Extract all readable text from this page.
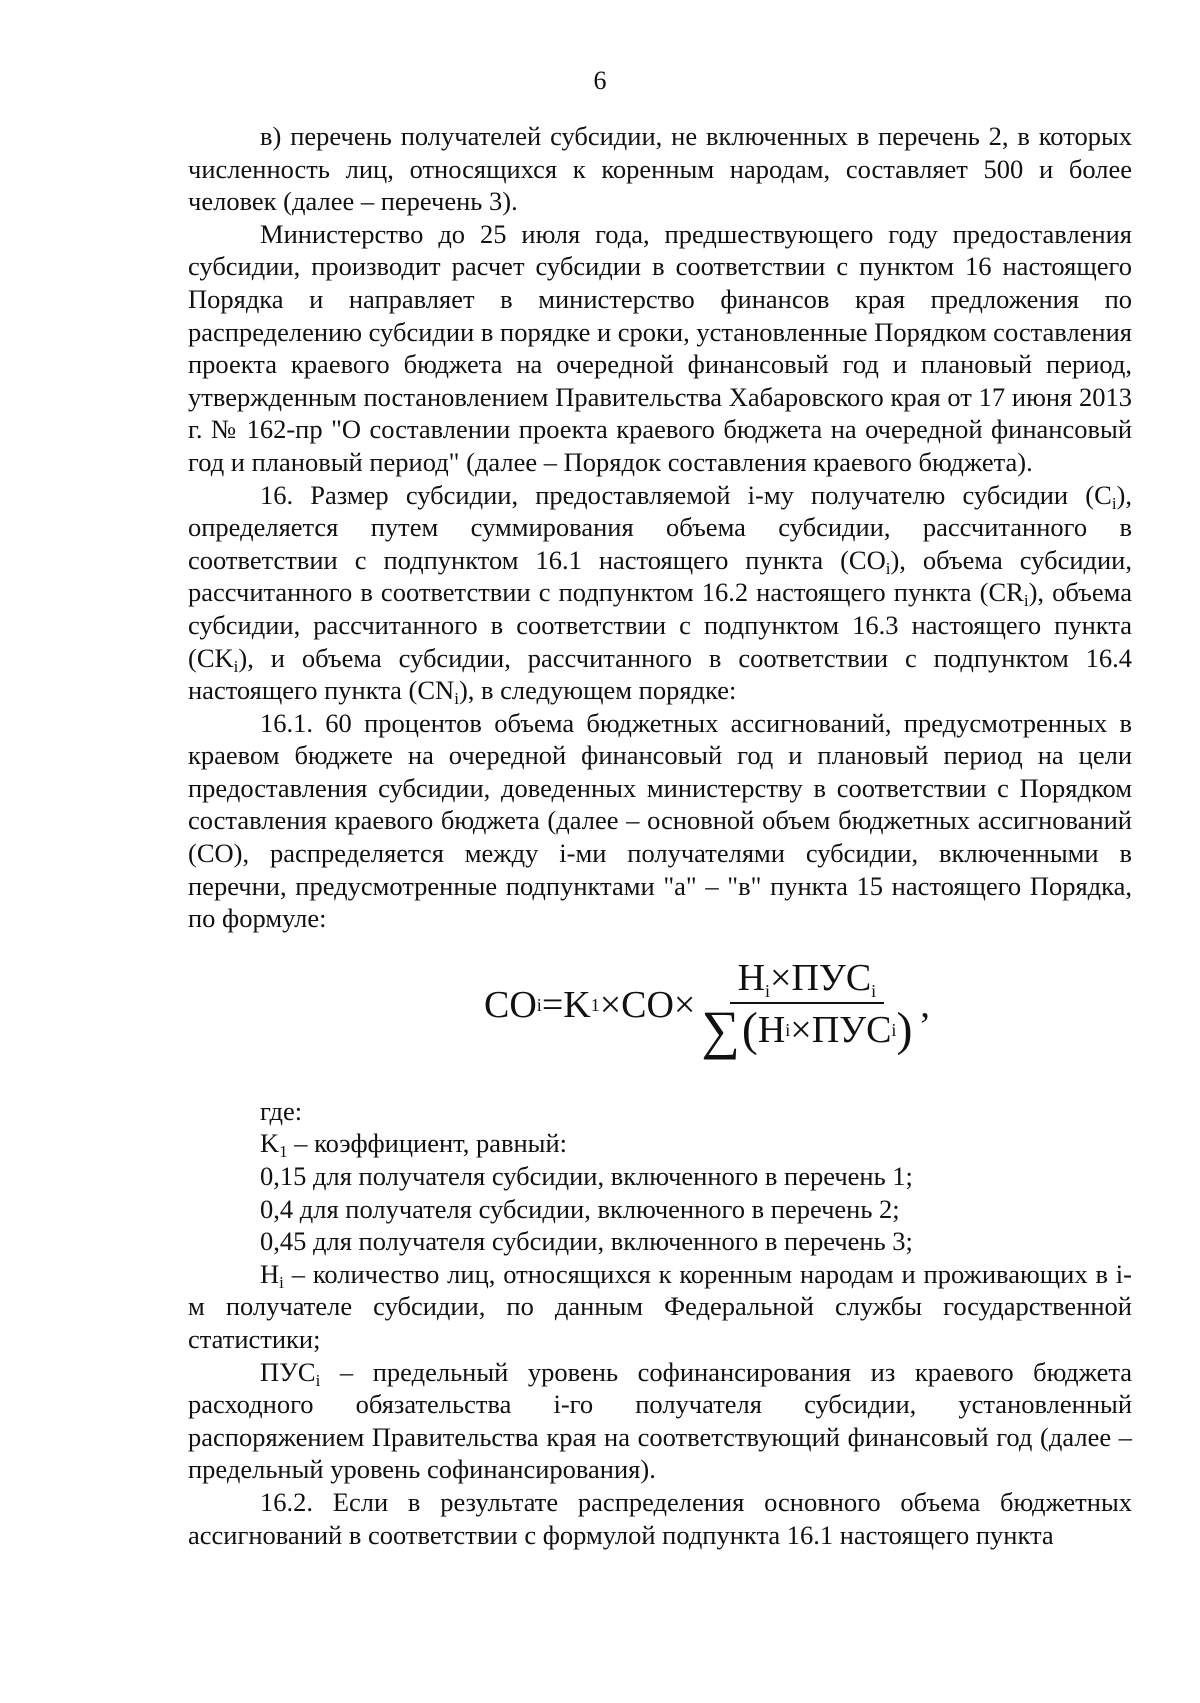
6

в) перечень получателей субсидии, не включенных в перечень 2, в которых численность лиц, относящихся к коренным народам, составляет 500 и более человек (далее – перечень 3).

Министерство до 25 июля года, предшествующего году предоставления субсидии, производит расчет субсидии в соответствии с пунктом 16 настоящего Порядка и направляет в министерство финансов края предложения по распределению субсидии в порядке и сроки, установленные Порядком составления проекта краевого бюджета на очередной финансовый год и плановый период, утвержденным постановлением Правительства Хабаровского края от 17 июня 2013 г. № 162-пр "О составлении проекта краевого бюджета на очередной финансовый год и плановый период" (далее – Порядок составления краевого бюджета).

16. Размер субсидии, предоставляемой i-му получателю субсидии $(C_i)$, определяется путем суммирования объема субсидии, рассчитанного в соответствии с подпунктом 16.1 настоящего пункта $(CO_i)$, объема субсидии, рассчитанного в соответствии с подпунктом 16.2 настоящего пункта $(CR_i)$, объема субсидии, рассчитанного в соответствии с подпунктом 16.3 настоящего пункта $(CK_i)$, и объема субсидии, рассчитанного в соответствии с подпунктом 16.4 настоящего пункта $(CN_i)$, в следующем порядке:

16.1. 60 процентов объема бюджетных ассигнований, предусмотренных в краевом бюджете на очередной финансовый год и плановый период на цели предоставления субсидии, доведенных министерству в соответствии с Порядком составления краевого бюджета (далее – основной объем бюджетных ассигнований (CO), распределяется между i-ми получателями субсидии, включенными в перечни, предусмотренные подпунктами "а" – "в" пункта 15 настоящего Порядка, по формуле:

CO i =K $1 \times CO\times \frac{H_i\times ПУС_i}{\text{∑ ( H i ×ПУС i )}}$ ,

где:

$K_1$ – коэффициент, равный:

0,15 для получателя субсидии, включенного в перечень 1;

0,4 для получателя субсидии, включенного в перечень 2;

0,45 для получателя субсидии, включенного в перечень 3;

$H_i$ – количество лиц, относящихся к коренным народам и проживающих в i-м получателе субсидии, по данным Федеральной службы государственной статистики;

$ПУС_i$ – предельный уровень софинансирования из краевого бюджета расходного обязательства i-го получателя субсидии, установленный распоряжением Правительства края на соответствующий финансовый год (далее – предельный уровень софинансирования).

16.2. Если в результате распределения основного объема бюджетных ассигнований в соответствии с формулой подпункта 16.1 настоящего пункта
